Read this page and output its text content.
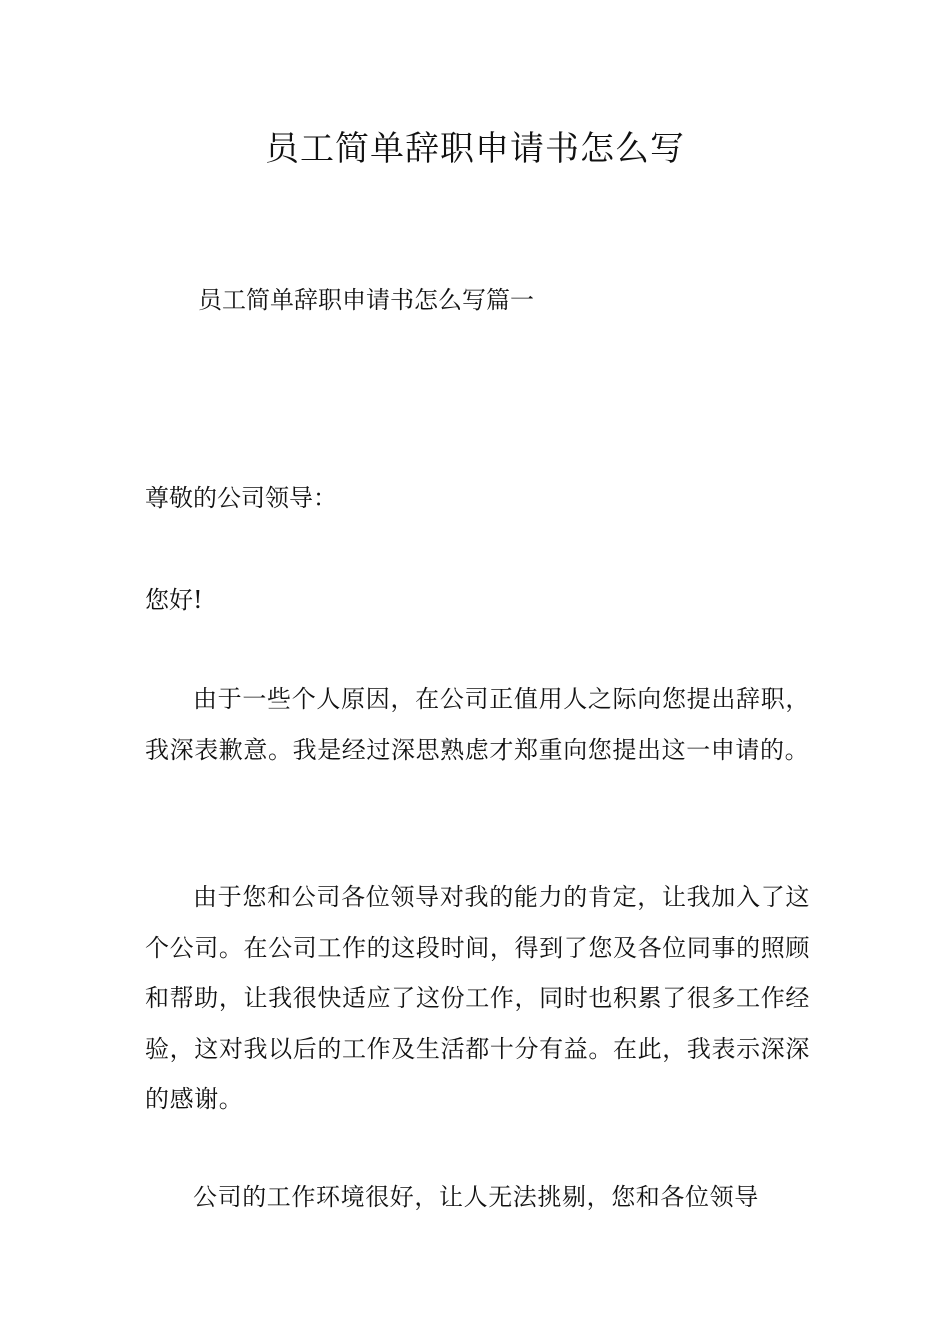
员工简单辞职申请书怎么写

员工简单辞职申请书怎么写篇一

尊敬的公司领导：

您好!

由于一些个人原因，在公司正值用人之际向您提出辞职，我深表歉意。我是经过深思熟虑才郑重向您提出这一申请的。

由于您和公司各位领导对我的能力的肯定，让我加入了这个公司。在公司工作的这段时间，得到了您及各位同事的照顾和帮助，让我很快适应了这份工作，同时也积累了很多工作经验，这对我以后的工作及生活都十分有益。在此，我表示深深的感谢。

公司的工作环境很好，让人无法挑剔，您和各位领导
